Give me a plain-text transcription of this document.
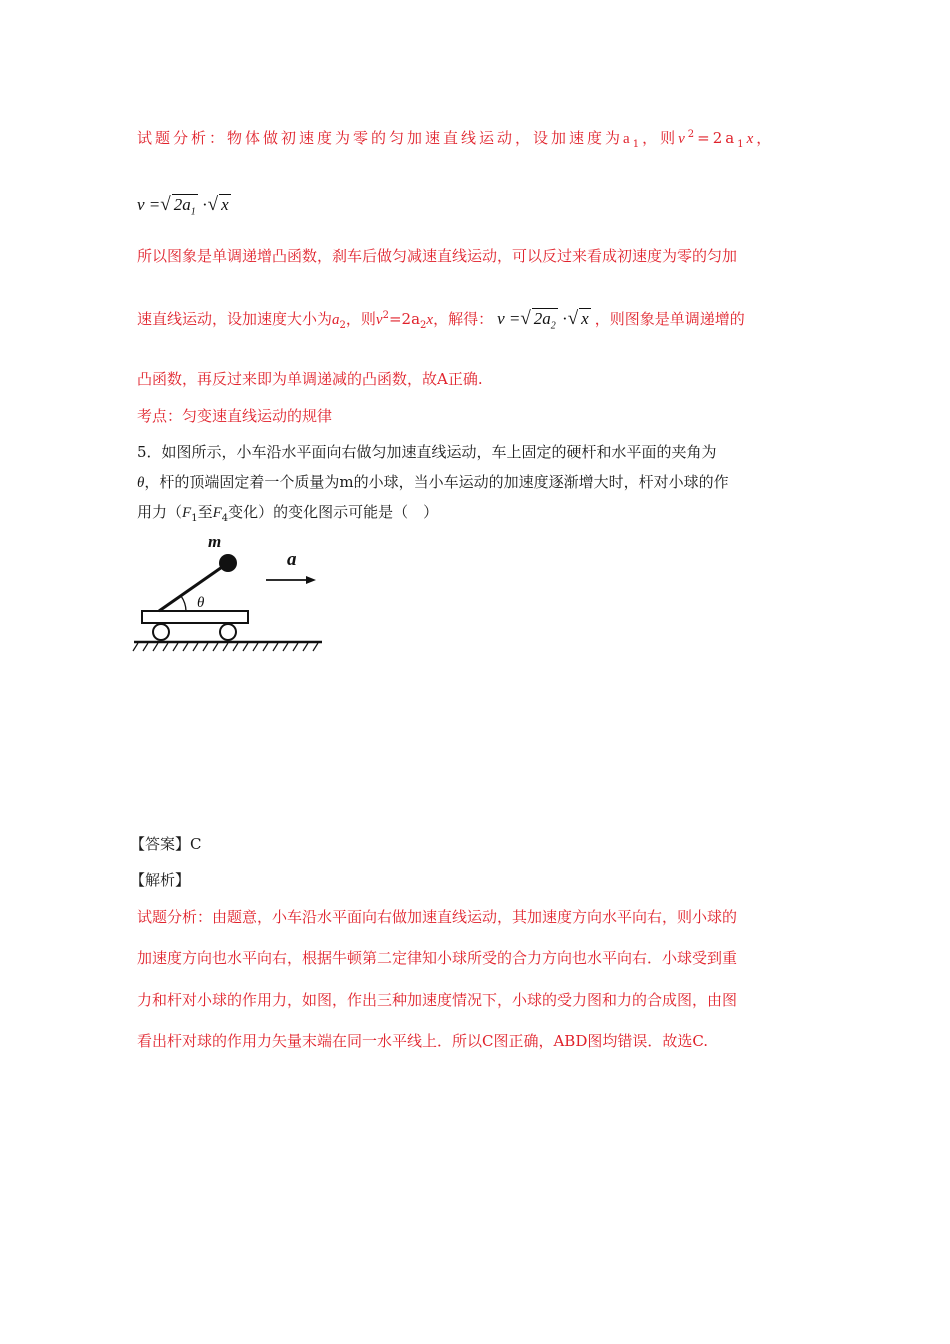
试题分析：物体做初速度为零的匀加速直线运动，设加速度为$a_1$，则$v^2=2a_1x$，
v =√ $2a_1$ ·√ x
所以图象是单调递增凸函数，刹车后做匀减速直线运动，可以反过来看成初速度为零的匀加
速直线运动，设加速度大小为$a_2$，则$v^2=2a_2x$，解得： v =√ $2a_2$ ·√ x ，则图象是单调递增的
凸函数，再反过来即为单调递减的凸函数，故A正确.
考点：匀变速直线运动的规律
5．如图所示，小车沿水平面向右做匀加速直线运动，车上固定的硬杆和水平面的夹角为
θ，杆的顶端固定着一个质量为m的小球，当小车运动的加速度逐渐增大时，杆对小球的作
用力（$F_1$至$F_4$变化）的变化图示可能是（　）
m
a
θ
【答案】C
【解析】
试题分析：由题意，小车沿水平面向右做加速直线运动，其加速度方向水平向右，则小球的
加速度方向也水平向右，根据牛顿第二定律知小球所受的合力方向也水平向右．小球受到重
力和杆对小球的作用力，如图，作出三种加速度情况下，小球的受力图和力的合成图，由图
看出杆对球的作用力矢量末端在同一水平线上．所以C图正确，ABD图均错误．故选C.
